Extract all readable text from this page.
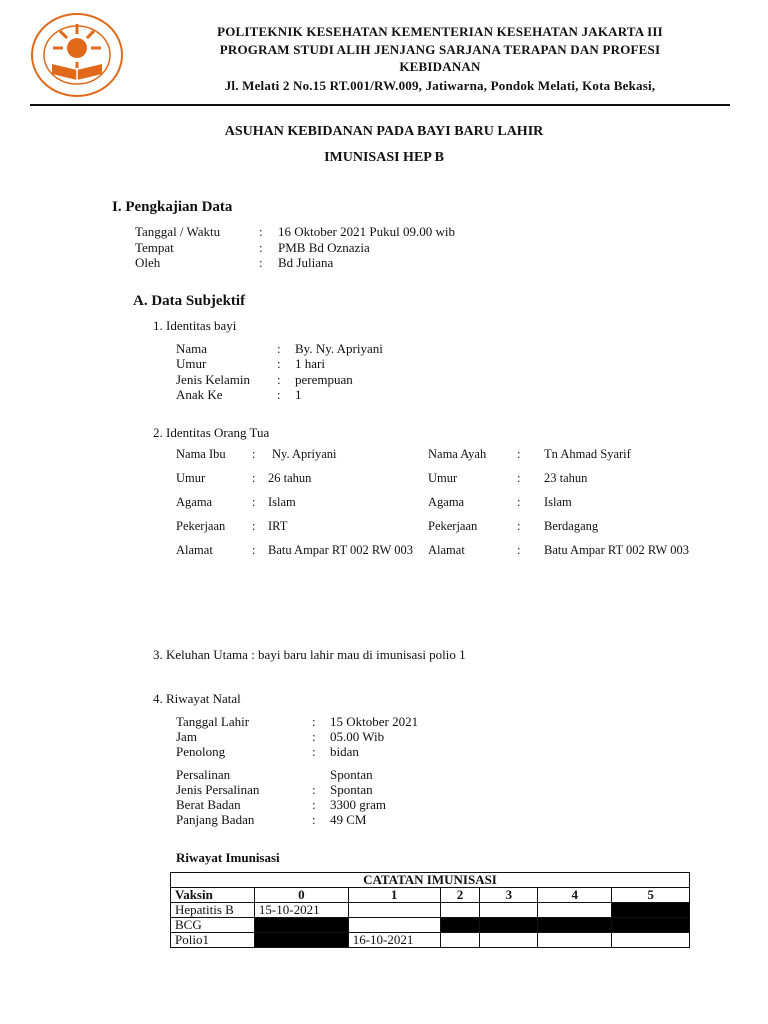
POLITEKNIK KESEHATAN KEMENTERIAN KESEHATAN JAKARTA III
PROGRAM STUDI ALIH JENJANG SARJANA TERAPAN DAN PROFESI
KEBIDANAN
Jl. Melati 2 No.15 RT.001/RW.009, Jatiwarna, Pondok Melati, Kota Bekasi,
ASUHAN KEBIDANAN PADA BAYI BARU LAHIR
IMUNISASI HEP B
I. Pengkajian Data
Tanggal / Waktu	: 16 Oktober 2021 Pukul 09.00 wib
Tempat	: PMB Bd Oznazia
Oleh	: Bd Juliana
A. Data Subjektif
1. Identitas bayi
Nama	: By. Ny. Apriyani
Umur	: 1 hari
Jenis Kelamin : perempuan
Anak Ke	: 1
2. Identitas Orang Tua
Nama Ibu : Ny. Apriyani
Umur	: 26 tahun
Agama	: Islam
Pekerjaan : IRT
Alamat	: Batu Ampar RT 002 RW 003
Nama Ayah : Tn Ahmad Syarif
Umur	: 23 tahun
Agama	: Islam
Pekerjaan	: Berdagang
Alamat	: Batu Ampar RT 002 RW 003
3. Keluhan Utama : bayi baru lahir mau di imunisasi polio 1
4. Riwayat Natal
Tanggal Lahir	: 15 Oktober 2021
Jam	: 05.00 Wib
Penolong	: bidan
Persalinan	Spontan
Jenis Persalinan	: Spontan
Berat Badan	: 3300 gram
Panjang Badan	: 49 CM
Riwayat Imunisasi
CATATAN IMUNISASI						
Vaksin	0	1	2	3	4	5
Hepatitis B	15-10-2021					
BCG						
Polio1		16-10-2021				
